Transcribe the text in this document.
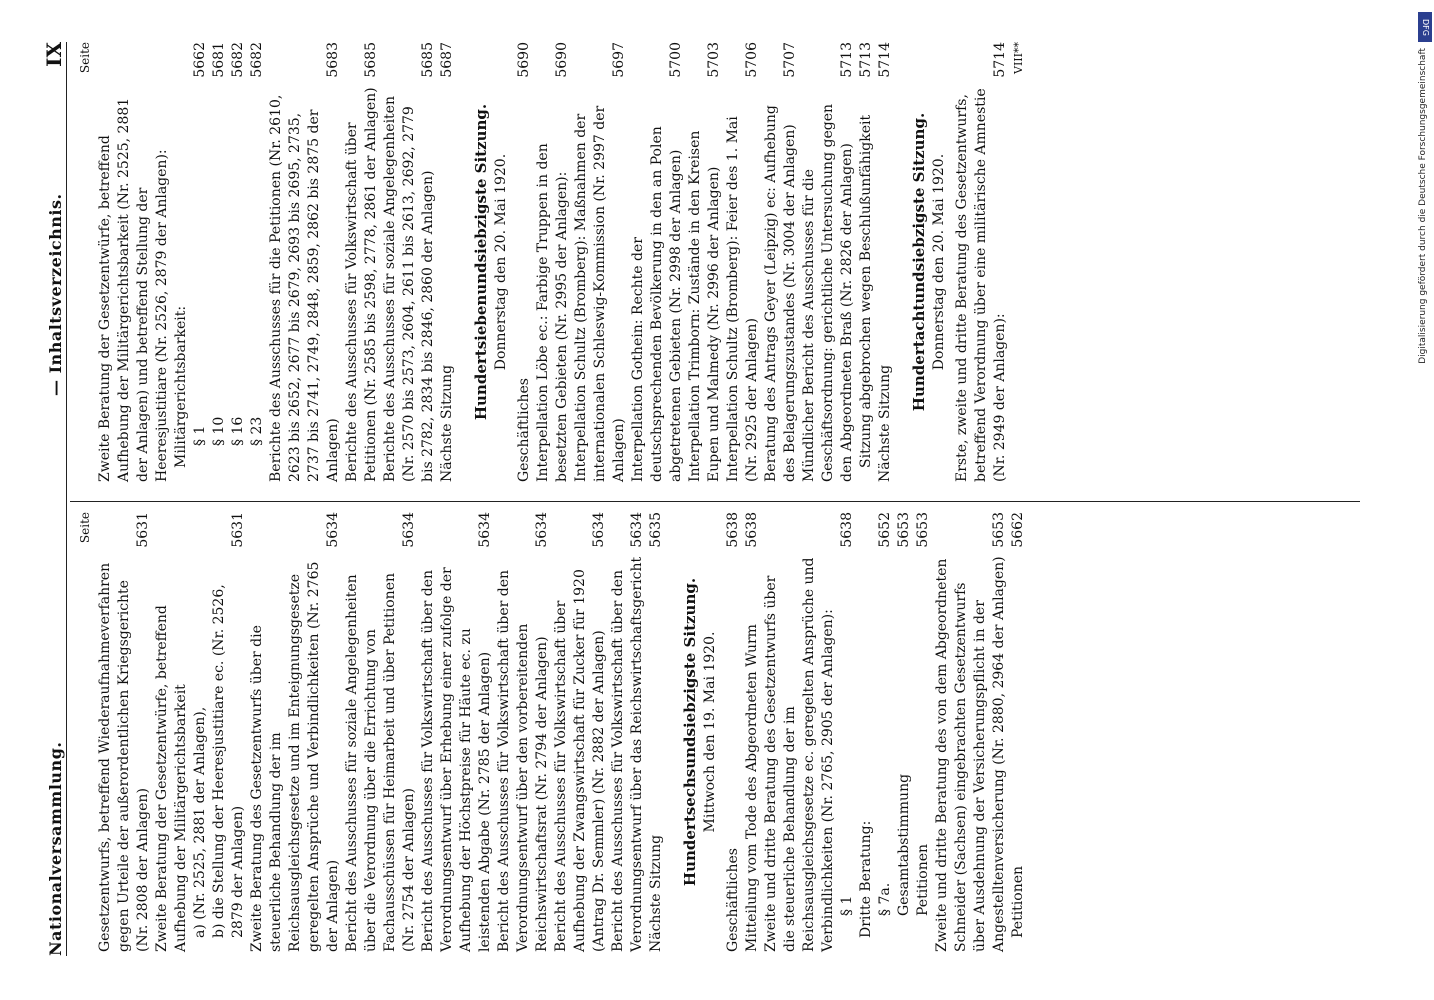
Nationalversammlung.
— Inhaltsverzeichnis.
IX
Seite
Gesetzentwurfs, betreffend Wiederaufnahmeverfahren gegen Urteile der außerordentlichen Kriegsgerichte (Nr. 2808 der Anlagen)
5631
Zweite Beratung der Gesetzentwürfe, betreffend Aufhebung der Militärgerichtsbarkeit a) (Nr. 2525, 2881 der Anlagen), b) die Stellung der Heeresjustitiare ec. (Nr. 2526, 2879 der Anlagen)
5631
Zweite Beratung des Gesetzentwurfs über die steuerliche Behandlung der im Reichsausgleichsgesetze und im Enteignungsgesetze geregelten Ansprüche und Verbindlichkeiten (Nr. 2765 der Anlagen)
5634
Bericht des Ausschusses für soziale Angelegenheiten über die Verordnung über die Errichtung von Fachausschüssen für Heimarbeit und über Petitionen (Nr. 2754 der Anlagen)
5634
Bericht des Ausschusses für Volkswirtschaft über den Verordnungsentwurf über Erhebung einer zufolge der Aufhebung der Höchstpreise für Häute ec. zu leistenden Abgabe (Nr. 2785 der Anlagen)
5634
Bericht des Ausschusses für Volkswirtschaft über den Verordnungsentwurf über den vorbereitenden Reichswirtschaftsrat (Nr. 2794 der Anlagen)
5634
Bericht des Ausschusses für Volkswirtschaft über Aufhebung der Zwangswirtschaft für Zucker für 1920 (Antrag Dr. Semmler) (Nr. 2882 der Anlagen)
5634
Bericht des Ausschusses für Volkswirtschaft über den Verordnungsentwurf über das Reichswirtschaftsgericht
5634
Nächste Sitzung
5635
Hundertsechsundsiebzigste Sitzung. Mittwoch den 19. Mai 1920.
Geschäftliches
5638
Mitteilung vom Tode des Abgeordneten Wurm
5638
Zweite und dritte Beratung des Gesetzentwurfs über die steuerliche Behandlung der im Reichsausgleichsgesetze ec. geregelten Ansprüche und Verbindlichkeiten (Nr. 2765, 2905 der Anlagen): § 1
5638
Dritte Beratung: § 7a.
5652
Gesamtabstimmung
5653
Petitionen
5653
Zweite und dritte Beratung des von dem Abgeordneten Schneider (Sachsen) eingebrachten Gesetzentwurfs über Ausdehnung der Versicherungspflicht in der Angestelltenversicherung (Nr. 2880, 2964 der Anlagen)
5653
Petitionen
5662
Seite
Zweite Beratung der Gesetzentwürfe, betreffend Aufhebung der Militärgerichtsbarkeit (Nr. 2525, 2881 der Anlagen) und betreffend Stellung der Heeresjustitiare (Nr. 2526, 2879 der Anlagen): Militärgerichtsbarkeit: § 1
5662
§ 10
5681
§ 16
5682
§ 23
5682
Berichte des Ausschusses für die Petitionen (Nr. 2610, 2623 bis 2652, 2677 bis 2679, 2693 bis 2695, 2735, 2737 bis 2741, 2749, 2848, 2859, 2862 bis 2875 der Anlagen)
5683
Berichte des Ausschusses für Volkswirtschaft über Petitionen (Nr. 2585 bis 2598, 2778, 2861 der Anlagen)
5685
Berichte des Ausschusses für soziale Angelegenheiten (Nr. 2570 bis 2573, 2604, 2611 bis 2613, 2692, 2779 bis 2782, 2834 bis 2846, 2860 der Anlagen)
5685
Nächste Sitzung
5687
Hundertsiebenundsiebzigste Sitzung. Donnerstag den 20. Mai 1920.
Geschäftliches
5690
Interpellation Löbe ec.: Farbige Truppen in den besetzten Gebieten (Nr. 2995 der Anlagen):
5690
Interpellation Schultz (Bromberg): Maßnahmen der internationalen Schleswig-Kommission (Nr. 2997 der Anlagen)
5697
Interpellation Gothein: Rechte der deutschsprechenden Bevölkerung in den an Polen abgetretenen Gebieten (Nr. 2998 der Anlagen)
5700
Interpellation Trimborn: Zustände in den Kreisen Eupen und Malmedy (Nr. 2996 der Anlagen)
5703
Interpellation Schultz (Bromberg): Feier des 1. Mai (Nr. 2925 der Anlagen)
5706
Beratung des Antrags Geyer (Leipzig) ec: Aufhebung des Belagerungszustandes (Nr. 3004 der Anlagen)
5707
Mündlicher Bericht des Ausschusses für die Geschäftsordnung: gerichtliche Untersuchung gegen den Abgeordneten Braß (Nr. 2826 der Anlagen)
5713
Sitzung abgebrochen wegen Beschlußunfähigkeit
5713
Nächste Sitzung
5714
Hundertachtundsiebzigste Sitzung. Donnerstag den 20. Mai 1920. Erste, zweite und dritte Beratung des Gesetzentwurfs, betreffend Verordnung über eine militärische Amnestie (Nr. 2949 der Anlagen):
5714 VIII**
DFG
Digitalisierung gefördert durch die Deutsche Forschungsgemeinschaft
